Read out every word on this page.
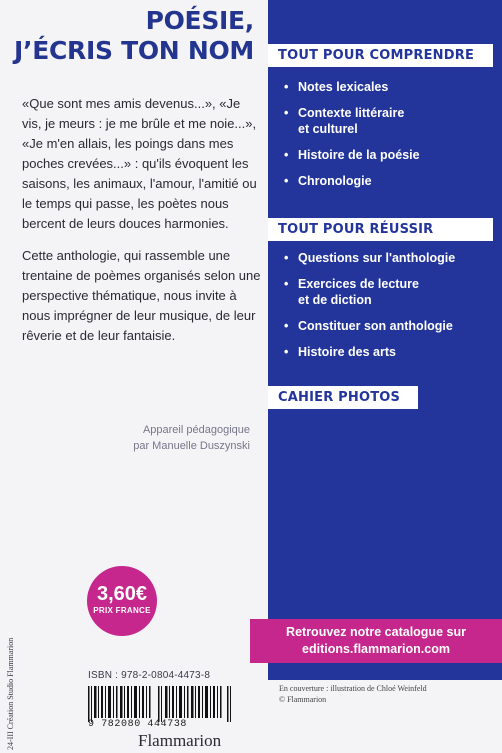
POÉSIE,
J’ÉCRIS TON NOM

«Que sont mes amis devenus...», «Je vis, je meurs : je me brûle et me noie...», «Je m'en allais, les poings dans mes poches crevées...» : qu'ils évoquent les saisons, les animaux, l'amour, l'amitié ou le temps qui passe, les poètes nous bercent de leurs douces harmonies.

Cette anthologie, qui rassemble une trentaine de poèmes organisés selon une perspective thématique, nous invite à nous imprégner de leur musique, de leur rêverie et de leur fantaisie.

Appareil pédagogique
par Manuelle Duszynski
3,60€
PRIX FRANCE
24-III Création Studio Flammarion	ISBN : 978-2-0804-4473-8
9 782080 444738
Flammarion
TOUT POUR COMPRENDRE
• Notes lexicales
• Contexte littéraire
et culturel
• Histoire de la poésie
• Chronologie
TOUT POUR RÉUSSIR
• Questions sur l'anthologie
• Exercices de lecture
et de diction
• Constituer son anthologie
• Histoire des arts
CAHIER PHOTOS
Retrouvez notre catalogue sur
editions.flammarion.com
En couverture : illustration de Chloé Weinfeld
© Flammarion
